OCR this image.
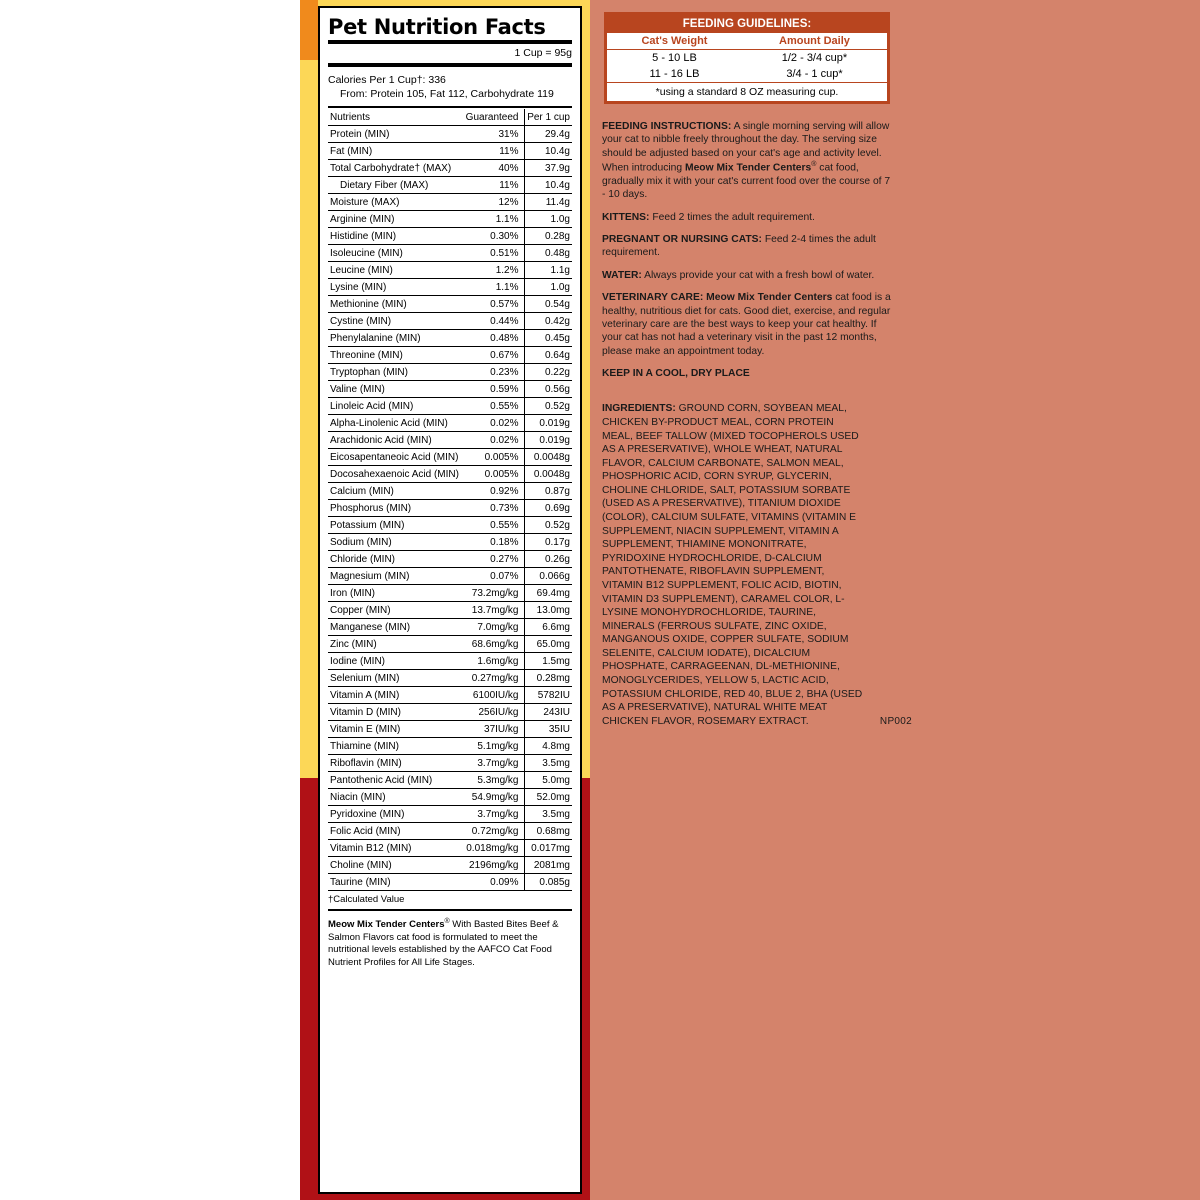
Pet Nutrition Facts
1 Cup = 95g
Calories Per 1 Cup†: 336
From: Protein 105, Fat 112, Carbohydrate 119
Nutrients	Guaranteed	Per 1 cup
Protein (MIN)	31%	29.4g
Fat (MIN)	11%	10.4g
Total Carbohydrate† (MAX)	40%	37.9g
Dietary Fiber (MAX)	11%	10.4g
Moisture (MAX)	12%	11.4g
Arginine (MIN)	1.1%	1.0g
Histidine (MIN)	0.30%	0.28g
Isoleucine (MIN)	0.51%	0.48g
Leucine (MIN)	1.2%	1.1g
Lysine (MIN)	1.1%	1.0g
Methionine (MIN)	0.57%	0.54g
Cystine (MIN)	0.44%	0.42g
Phenylalanine (MIN)	0.48%	0.45g
Threonine (MIN)	0.67%	0.64g
Tryptophan (MIN)	0.23%	0.22g
Valine (MIN)	0.59%	0.56g
Linoleic Acid (MIN)	0.55%	0.52g
Alpha-Linolenic Acid (MIN)	0.02%	0.019g
Arachidonic Acid (MIN)	0.02%	0.019g
Eicosapentaneoic Acid (MIN)	0.005%	0.0048g
Docosahexaenoic Acid (MIN)	0.005%	0.0048g
Calcium (MIN)	0.92%	0.87g
Phosphorus (MIN)	0.73%	0.69g
Potassium (MIN)	0.55%	0.52g
Sodium (MIN)	0.18%	0.17g
Chloride (MIN)	0.27%	0.26g
Magnesium (MIN)	0.07%	0.066g
Iron (MIN)	73.2mg/kg	69.4mg
Copper (MIN)	13.7mg/kg	13.0mg
Manganese (MIN)	7.0mg/kg	6.6mg
Zinc (MIN)	68.6mg/kg	65.0mg
Iodine (MIN)	1.6mg/kg	1.5mg
Selenium (MIN)	0.27mg/kg	0.28mg
Vitamin A (MIN)	6100IU/kg	5782IU
Vitamin D (MIN)	256IU/kg	243IU
Vitamin E (MIN)	37IU/kg	35IU
Thiamine (MIN)	5.1mg/kg	4.8mg
Riboflavin (MIN)	3.7mg/kg	3.5mg
Pantothenic Acid (MIN)	5.3mg/kg	5.0mg
Niacin (MIN)	54.9mg/kg	52.0mg
Pyridoxine (MIN)	3.7mg/kg	3.5mg
Folic Acid (MIN)	0.72mg/kg	0.68mg
Vitamin B12 (MIN)	0.018mg/kg	0.017mg
Choline (MIN)	2196mg/kg	2081mg
Taurine (MIN)	0.09%	0.085g
†Calculated Value
Meow Mix Tender Centers® With Basted Bites Beef & Salmon Flavors cat food is formulated to meet the nutritional levels established by the AAFCO Cat Food Nutrient Profiles for All Life Stages.
FEEDING GUIDELINES:
Cat's Weight	Amount Daily
5 - 10 LB	1/2 - 3/4 cup*
11 - 16 LB	3/4 - 1 cup*
*using a standard 8 OZ measuring cup.

FEEDING INSTRUCTIONS: A single morning serving will allow your cat to nibble freely throughout the day. The serving size should be adjusted based on your cat's age and activity level. When introducing Meow Mix Tender Centers® cat food, gradually mix it with your cat's current food over the course of 7 - 10 days.

KITTENS: Feed 2 times the adult requirement.

PREGNANT OR NURSING CATS: Feed 2-4 times the adult requirement.

WATER: Always provide your cat with a fresh bowl of water.

VETERINARY CARE: Meow Mix Tender Centers cat food is a healthy, nutritious diet for cats. Good diet, exercise, and regular veterinary care are the best ways to keep your cat healthy. If your cat has not had a veterinary visit in the past 12 months, please make an appointment today.

KEEP IN A COOL, DRY PLACE

INGREDIENTS: GROUND CORN, SOYBEAN MEAL, CHICKEN BY-PRODUCT MEAL, CORN PROTEIN MEAL, BEEF TALLOW (MIXED TOCOPHEROLS USED AS A PRESERVATIVE), WHOLE WHEAT, NATURAL FLAVOR, CALCIUM CARBONATE, SALMON MEAL, PHOSPHORIC ACID, CORN SYRUP, GLYCERIN, CHOLINE CHLORIDE, SALT, POTASSIUM SORBATE (USED AS A PRESERVATIVE), TITANIUM DIOXIDE (COLOR), CALCIUM SULFATE, VITAMINS (VITAMIN E SUPPLEMENT, NIACIN SUPPLEMENT, VITAMIN A SUPPLEMENT, THIAMINE MONONITRATE, PYRIDOXINE HYDROCHLORIDE, D-CALCIUM PANTOTHENATE, RIBOFLAVIN SUPPLEMENT, VITAMIN B12 SUPPLEMENT, FOLIC ACID, BIOTIN, VITAMIN D3 SUPPLEMENT), CARAMEL COLOR, L-LYSINE MONOHYDROCHLORIDE, TAURINE, MINERALS (FERROUS SULFATE, ZINC OXIDE, MANGANOUS OXIDE, COPPER SULFATE, SODIUM SELENITE, CALCIUM IODATE), DICALCIUM PHOSPHATE, CARRAGEENAN, DL-METHIONINE, MONOGLYCERIDES, YELLOW 5, LACTIC ACID, POTASSIUM CHLORIDE, RED 40, BLUE 2, BHA (USED AS A PRESERVATIVE), NATURAL WHITE MEAT CHICKEN FLAVOR, ROSEMARY EXTRACT.	NP002
